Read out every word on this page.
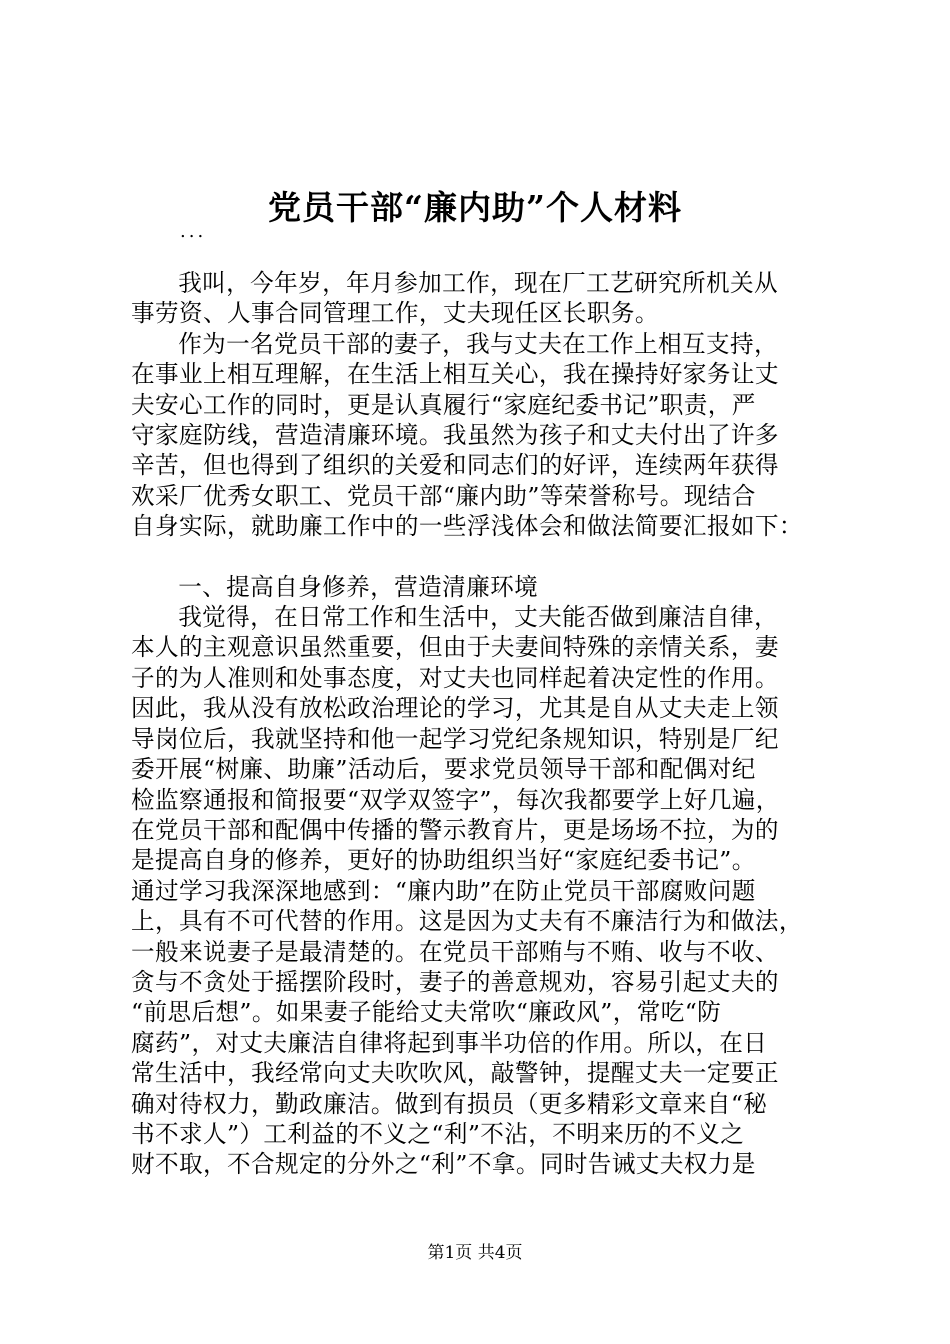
党员干部“廉内助”个人材料
...

我叫，今年岁，年月参加工作，现在厂工艺研究所机关从
事劳资、人事合同管理工作，丈夫现任区长职务。

作为一名党员干部的妻子，我与丈夫在工作上相互支持，
在事业上相互理解，在生活上相互关心，我在操持好家务让丈
夫安心工作的同时，更是认真履行“家庭纪委书记”职责，严
守家庭防线，营造清廉环境。我虽然为孩子和丈夫付出了许多
辛苦，但也得到了组织的关爱和同志们的好评，连续两年获得
欢采厂优秀女职工、党员干部“廉内助”等荣誉称号。现结合
自身实际，就助廉工作中的一些浮浅体会和做法简要汇报如下：

一、提高自身修养，营造清廉环境

我觉得，在日常工作和生活中，丈夫能否做到廉洁自律，
本人的主观意识虽然重要，但由于夫妻间特殊的亲情关系，妻
子的为人准则和处事态度，对丈夫也同样起着决定性的作用。
因此，我从没有放松政治理论的学习，尤其是自从丈夫走上领
导岗位后，我就坚持和他一起学习党纪条规知识，特别是厂纪
委开展“树廉、助廉”活动后，要求党员领导干部和配偶对纪
检监察通报和简报要“双学双签字”，每次我都要学上好几遍，
在党员干部和配偶中传播的警示教育片，更是场场不拉，为的
是提高自身的修养，更好的协助组织当好“家庭纪委书记”。
通过学习我深深地感到：“廉内助”在防止党员干部腐败问题
上，具有不可代替的作用。这是因为丈夫有不廉洁行为和做法，
一般来说妻子是最清楚的。在党员干部贿与不贿、收与不收、
贪与不贪处于摇摆阶段时，妻子的善意规劝，容易引起丈夫的
“前思后想”。如果妻子能给丈夫常吹“廉政风”，常吃“防
腐药”，对丈夫廉洁自律将起到事半功倍的作用。所以，在日
常生活中，我经常向丈夫吹吹风，敲警钟，提醒丈夫一定要正
确对待权力，勤政廉洁。做到有损员（更多精彩文章来自“秘
书不求人”）工利益的不义之“利”不沾，不明来历的不义之
财不取，不合规定的分外之“利”不拿。同时告诫丈夫权力是

第1页 共4页
